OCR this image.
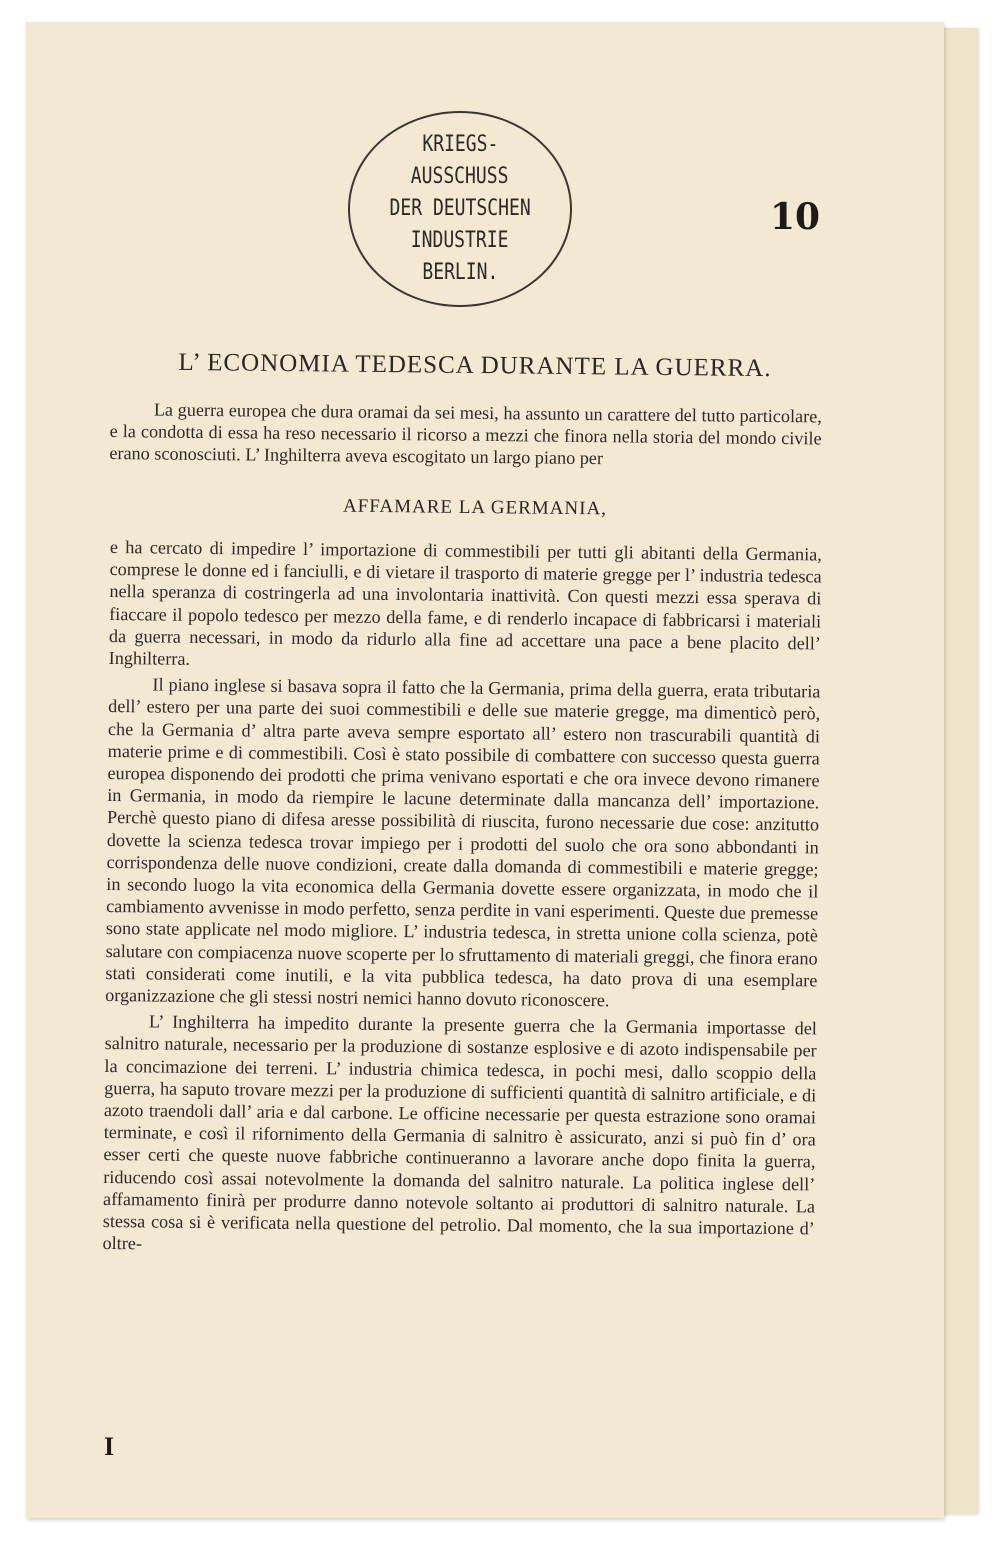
KRIEGS-
AUSSCHUSS
DER DEUTSCHEN
INDUSTRIE
BERLIN.
10
L’ ECONOMIA TEDESCA DURANTE LA GUERRA.

La guerra europea che dura oramai da sei mesi, ha assunto un carattere del tutto particolare, e la condotta di essa ha reso necessario il ricorso a mezzi che finora nella storia del mondo civile erano sconosciuti. L’ Inghilterra aveva escogitato un largo piano per

AFFAMARE LA GERMANIA,

e ha cercato di impedire l’ importazione di commestibili per tutti gli abitanti della Germania, comprese le donne ed i fanciulli, e di vietare il trasporto di materie gregge per l’ industria tedesca nella speranza di costringerla ad una involontaria inattività. Con questi mezzi essa sperava di fiaccare il popolo tedesco per mezzo della fame, e di renderlo incapace di fabbricarsi i materiali da guerra necessari, in modo da ridurlo alla fine ad accettare una pace a bene placito dell’ Inghilterra.

Il piano inglese si basava sopra il fatto che la Germania, prima della guerra, erata tributaria dell’ estero per una parte dei suoi commestibili e delle sue materie gregge, ma dimenticò però, che la Germania d’ altra parte aveva sempre esportato all’ estero non trascurabili quantità di materie prime e di commestibili. Così è stato possibile di combattere con successo questa guerra europea disponendo dei prodotti che prima venivano esportati e che ora invece devono rimanere in Germania, in modo da riempire le lacune determinate dalla mancanza dell’ importazione. Perchè questo piano di difesa aresse possibilità di riuscita, furono necessarie due cose: anzitutto dovette la scienza tedesca trovar impiego per i prodotti del suolo che ora sono abbondanti in corrispondenza delle nuove condizioni, create dalla domanda di commestibili e materie gregge; in secondo luogo la vita economica della Germania dovette essere organizzata, in modo che il cambiamento avvenisse in modo perfetto, senza perdite in vani esperimenti. Queste due premesse sono state applicate nel modo migliore. L’ industria tedesca, in stretta unione colla scienza, potè salutare con compiacenza nuove scoperte per lo sfruttamento di materiali greggi, che finora erano stati considerati come inutili, e la vita pubblica tedesca, ha dato prova di una esemplare organizzazione che gli stessi nostri nemici hanno dovuto riconoscere.

L’ Inghilterra ha impedito durante la presente guerra che la Germania importasse del salnitro naturale, necessario per la produzione di sostanze esplosive e di azoto indispensabile per la concimazione dei terreni. L’ industria chimica tedesca, in pochi mesi, dallo scoppio della guerra, ha saputo trovare mezzi per la produzione di sufficienti quantità di salnitro artificiale, e di azoto traendoli dall’ aria e dal carbone. Le officine necessarie per questa estrazione sono oramai terminate, e così il rifornimento della Germania di salnitro è assicurato, anzi si può fin d’ ora esser certi che queste nuove fabbriche continueranno a lavorare anche dopo finita la guerra, riducendo così assai notevolmente la domanda del salnitro naturale. La politica inglese dell’ affamamento finirà per produrre danno notevole soltanto ai produttori di salnitro naturale. La stessa cosa si è verificata nella questione del petrolio. Dal momento, che la sua importazione d’ oltre-

I
